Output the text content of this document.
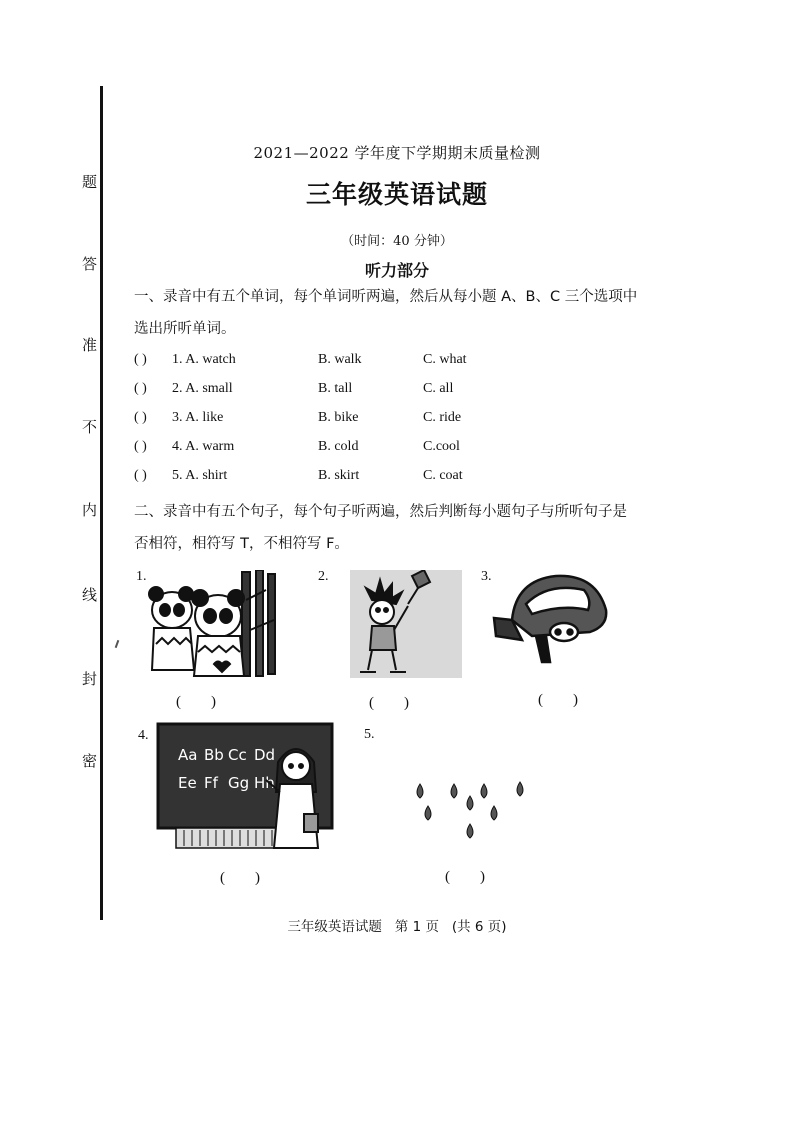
题
答
准
不
内
线
封
密
2021—2022 学年度下学期期末质量检测
三年级英语试题
（时间：40 分钟）
听力部分
一、录音中有五个单词，每个单词听两遍，然后从每小题 A、B、C 三个选项中
选出所听单词。
( ) 1. A. watch	B. walk	C. what
( ) 2. A. small	B. tall	C. all
( ) 3. A. like	B. bike	C. ride
( ) 4. A. warm	B. cold	C.cool
( ) 5. A. shirt	B. skirt	C. coat
二、录音中有五个句子，每个句子听两遍，然后判断每小题句子与所听句子是
否相符，相符写 T，不相符写 F。
1.
(        )
2.
(        )
3.
(        )
4.
Aa Bb Cc Dd
Ee Ff Gg Hh
(        )
5.
(        )
三年级英语试题   第 1 页   (共 6 页)
